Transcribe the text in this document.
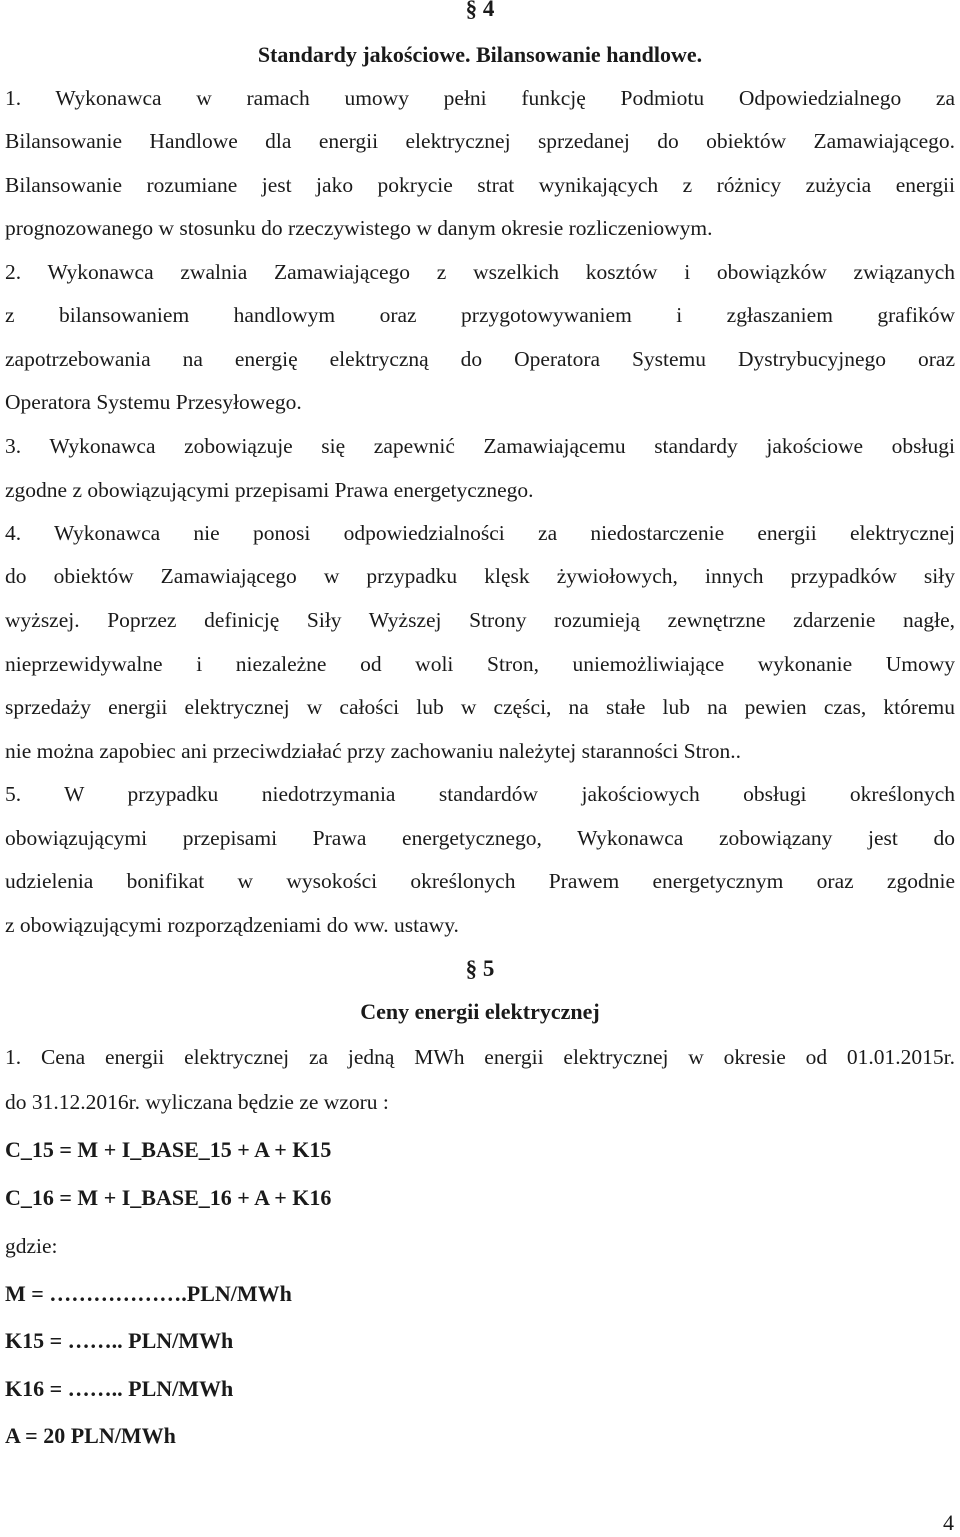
§ 4
Standardy jakościowe. Bilansowanie handlowe.
1. Wykonawca w ramach umowy pełni funkcję Podmiotu Odpowiedzialnego za
Bilansowanie Handlowe dla energii elektrycznej sprzedanej do obiektów Zamawiającego.
Bilansowanie rozumiane jest jako pokrycie strat wynikających z różnicy zużycia energii
prognozowanego w stosunku do rzeczywistego w danym okresie rozliczeniowym.
2. Wykonawca zwalnia Zamawiającego z wszelkich kosztów i obowiązków związanych
z bilansowaniem handlowym oraz przygotowywaniem i zgłaszaniem grafików
zapotrzebowania na energię elektryczną do Operatora Systemu Dystrybucyjnego oraz
Operatora Systemu Przesyłowego.
3. Wykonawca zobowiązuje się zapewnić Zamawiającemu standardy jakościowe obsługi
zgodne z obowiązującymi przepisami Prawa energetycznego.
4. Wykonawca nie ponosi odpowiedzialności za niedostarczenie energii elektrycznej
do obiektów Zamawiającego w przypadku klęsk żywiołowych, innych przypadków siły
wyższej. Poprzez definicję Siły Wyższej Strony rozumieją zewnętrzne zdarzenie nagłe,
nieprzewidywalne i niezależne od woli Stron, uniemożliwiające wykonanie Umowy
sprzedaży energii elektrycznej w całości lub w części, na stałe lub na pewien czas, któremu
nie można zapobiec ani przeciwdziałać przy zachowaniu należytej staranności Stron..
5. W przypadku niedotrzymania standardów jakościowych obsługi określonych
obowiązującymi przepisami Prawa energetycznego, Wykonawca zobowiązany jest do
udzielenia bonifikat w wysokości określonych Prawem energetycznym oraz zgodnie
z obowiązującymi rozporządzeniami do ww. ustawy.
§ 5
Ceny energii elektrycznej
1. Cena energii elektrycznej za jedną MWh energii elektrycznej w okresie od 01.01.2015r.
do 31.12.2016r. wyliczana będzie ze wzoru :
C_15 = M + I_BASE_15 + A + K15
C_16 = M + I_BASE_16 + A + K16
gdzie:
M = ……………….PLN/MWh
K15 = …….. PLN/MWh
K16 = …….. PLN/MWh
A = 20 PLN/MWh
4
